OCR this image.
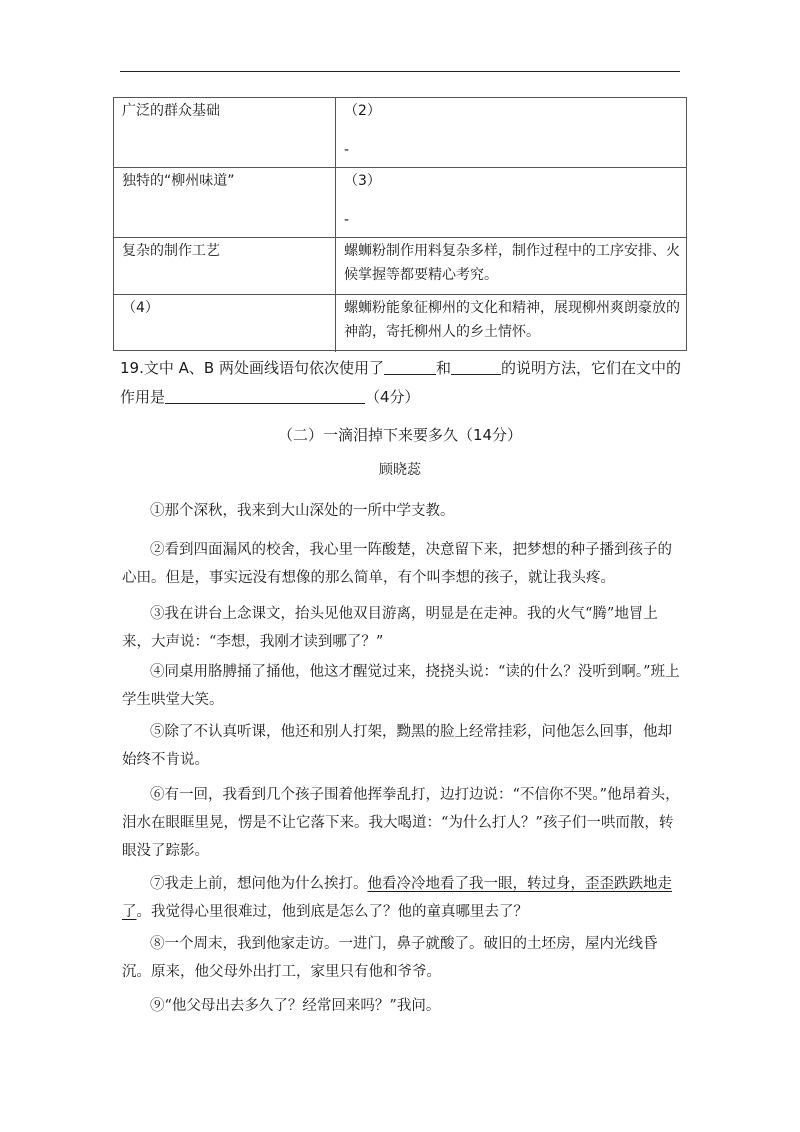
广泛的群众基础	（2）
-
独特的“柳州味道”	（3）
-
复杂的制作工艺	螺蛳粉制作用料复杂多样，制作过程中的工序安排、火候掌握等都要精心考究。
（4）	螺蛳粉能象征柳州的文化和精神，展现柳州爽朗豪放的神韵，寄托柳州人的乡土情怀。
19.文中 A、B 两处画线语句依次使用了	和	的说明方法，它们在文中的作用是	（4分）
（二）一滴泪掉下来要多久（14分）
顾晓蕊
①那个深秋，我来到大山深处的一所中学支教。
②看到四面漏风的校舍，我心里一阵酸楚，决意留下来，把梦想的种子播到孩子的心田。但是，事实远没有想像的那么简单，有个叫李想的孩子，就让我头疼。
③我在讲台上念课文，抬头见他双目游离，明显是在走神。我的火气“腾”地冒上来，大声说：“李想，我刚才读到哪了？”
④同桌用胳膊捅了捅他，他这才醒觉过来，挠挠头说：“读的什么？没听到啊。”班上学生哄堂大笑。
⑤除了不认真听课，他还和别人打架，黝黑的脸上经常挂彩，问他怎么回事，他却始终不肯说。
⑥有一回，我看到几个孩子围着他挥拳乱打，边打边说：“不信你不哭。”他昂着头，泪水在眼眶里晃，愣是不让它落下来。我大喝道：“为什么打人？”孩子们一哄而散，转眼没了踪影。
⑦我走上前，想问他为什么挨打。他看冷冷地看了我一眼，转过身，歪歪跌跌地走了。我觉得心里很难过，他到底是怎么了？他的童真哪里去了？
⑧一个周末，我到他家走访。一进门，鼻子就酸了。破旧的土坯房，屋内光线昏沉。原来，他父母外出打工，家里只有他和爷爷。
⑨“他父母出去多久了？经常回来吗？”我问。
